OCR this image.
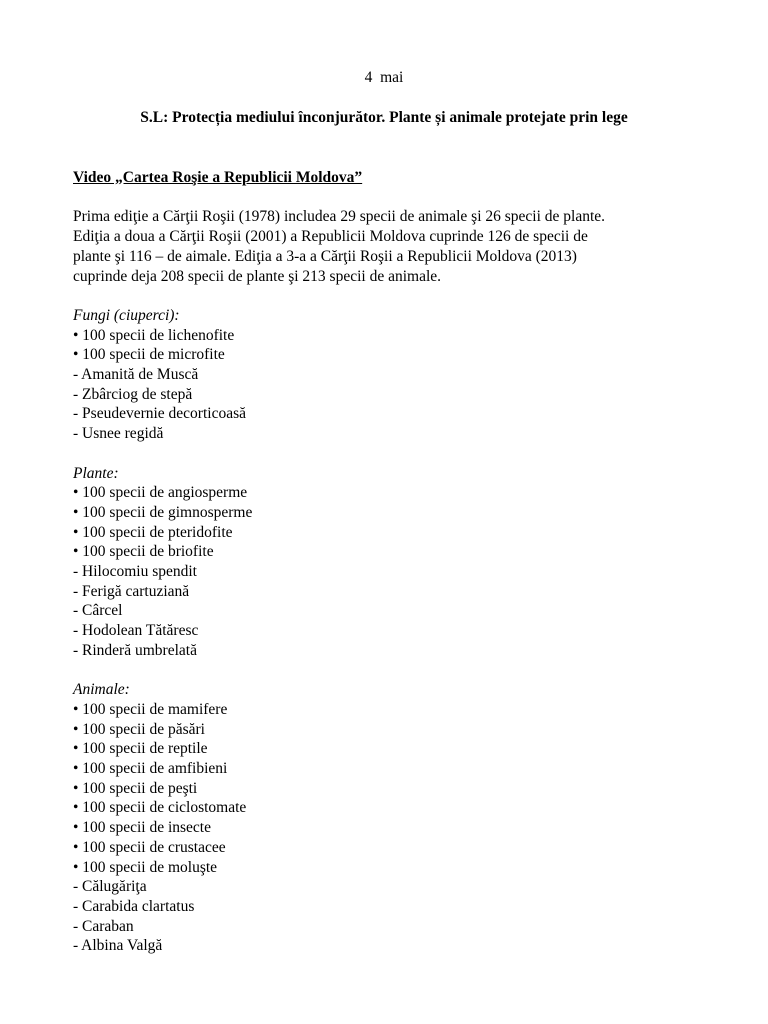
4  mai
S.L: Protecția mediului înconjurător. Plante și animale protejate prin lege
Video „Cartea Roşie a Republicii Moldova”

Prima ediţie a Cărţii Roşii (1978) includea 29 specii de animale şi 26 specii de plante.

Ediţia a doua a Cărţii Roşii (2001) a Republicii Moldova cuprinde 126 de specii de

plante şi 116 – de aimale. Ediţia a 3-a a Cărţii Roşii a Republicii Moldova (2013)

cuprinde deja 208 specii de plante şi 213 specii de animale.

Fungi (ciuperci):
• 100 specii de lichenofite
• 100 specii de microfite
- Amanită de Muscă
- Zbârciog de stepă
- Pseudevernie decorticoasă
- Usnee regidă
Plante:
• 100 specii de angiosperme
• 100 specii de gimnosperme
• 100 specii de pteridofite
• 100 specii de briofite
- Hilocomiu spendit
- Ferigă cartuziană
- Cârcel
- Hodolean Tătăresc
- Rinderă umbrelată
Animale:
• 100 specii de mamifere
• 100 specii de păsări
• 100 specii de reptile
• 100 specii de amfibieni
• 100 specii de peşti
• 100 specii de ciclostomate
• 100 specii de insecte
• 100 specii de crustacee
• 100 specii de moluşte
- Călugăriţa
- Carabida clartatus
- Caraban
- Albina Valgă
